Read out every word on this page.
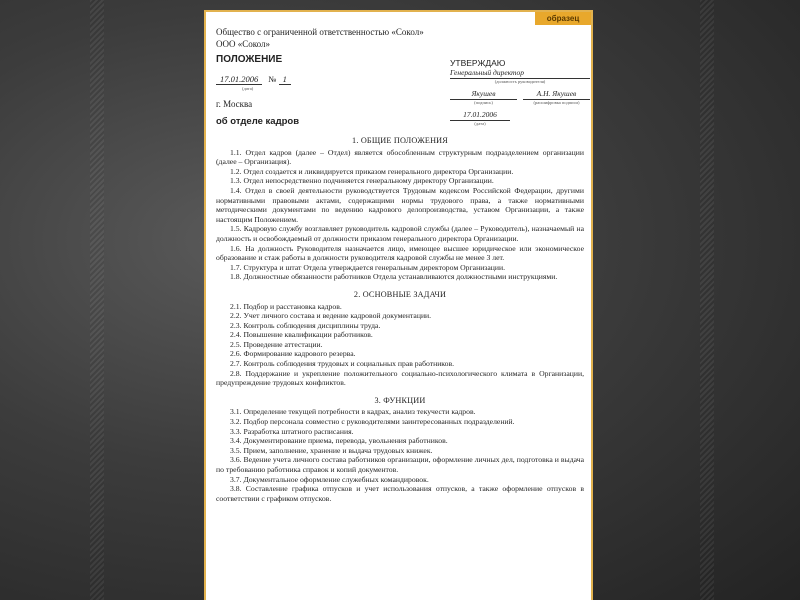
образец
Общество с ограниченной ответственностью «Сокол»
ООО «Сокол»
ПОЛОЖЕНИЕ
17.01.2006 № 1
(дата)
г. Москва
об отделе кадров
УТВЕРЖДАЮ
Генеральный директор
(должность руководителя)
Якушев
(подпись)
А.Н. Якушев
(расшифровка подписи)
17.01.2006
(дата)
1. ОБЩИЕ ПОЛОЖЕНИЯ

1.1. Отдел кадров (далее – Отдел) является обособленным структурным подразделением организации (далее – Организация).

1.2. Отдел создается и ликвидируется приказом генерального директора Организации.

1.3. Отдел непосредственно подчиняется генеральному директору Организации.

1.4. Отдел в своей деятельности руководствуется Трудовым кодексом Российской Федерации, другими нормативными правовыми актами, содержащими нормы трудового права, а также нормативными методическими документами по ведению кадрового делопроизводства, уставом Организации, а также настоящим Положением.

1.5. Кадровую службу возглавляет руководитель кадровой службы (далее – Руководитель), назначаемый на должность и освобождаемый от должности приказом генерального директора Организации.

1.6. На должность Руководителя назначается лицо, имеющее высшее юридическое или экономическое образование и стаж работы в должности руководителя кадровой службы не менее 3 лет.

1.7. Структура и штат Отдела утверждается генеральным директором Организации.

1.8. Должностные обязанности работников Отдела устанавливаются должностными инструкциями.

2. ОСНОВНЫЕ ЗАДАЧИ

2.1. Подбор и расстановка кадров.

2.2. Учет личного состава и ведение кадровой документации.

2.3. Контроль соблюдения дисциплины труда.

2.4. Повышение квалификации работников.

2.5. Проведение аттестации.

2.6. Формирование кадрового резерва.

2.7. Контроль соблюдения трудовых и социальных прав работников.

2.8. Поддержание и укрепление положительного социально-психологического климата в Организации, предупреждение трудовых конфликтов.

3. ФУНКЦИИ

3.1. Определение текущей потребности в кадрах, анализ текучести кадров.

3.2. Подбор персонала совместно с руководителями заинтересованных подразделений.

3.3. Разработка штатного расписания.

3.4. Документирование приема, перевода, увольнения работников.

3.5. Прием, заполнение, хранение и выдача трудовых книжек.

3.6. Ведение учета личного состава работников организации, оформление личных дел, подготовка и выдача по требованию работника справок и копий документов.

3.7. Документальное оформление служебных командировок.

3.8. Составление графика отпусков и учет использования отпусков, а также оформление отпусков в соответствии с графиком отпусков.
